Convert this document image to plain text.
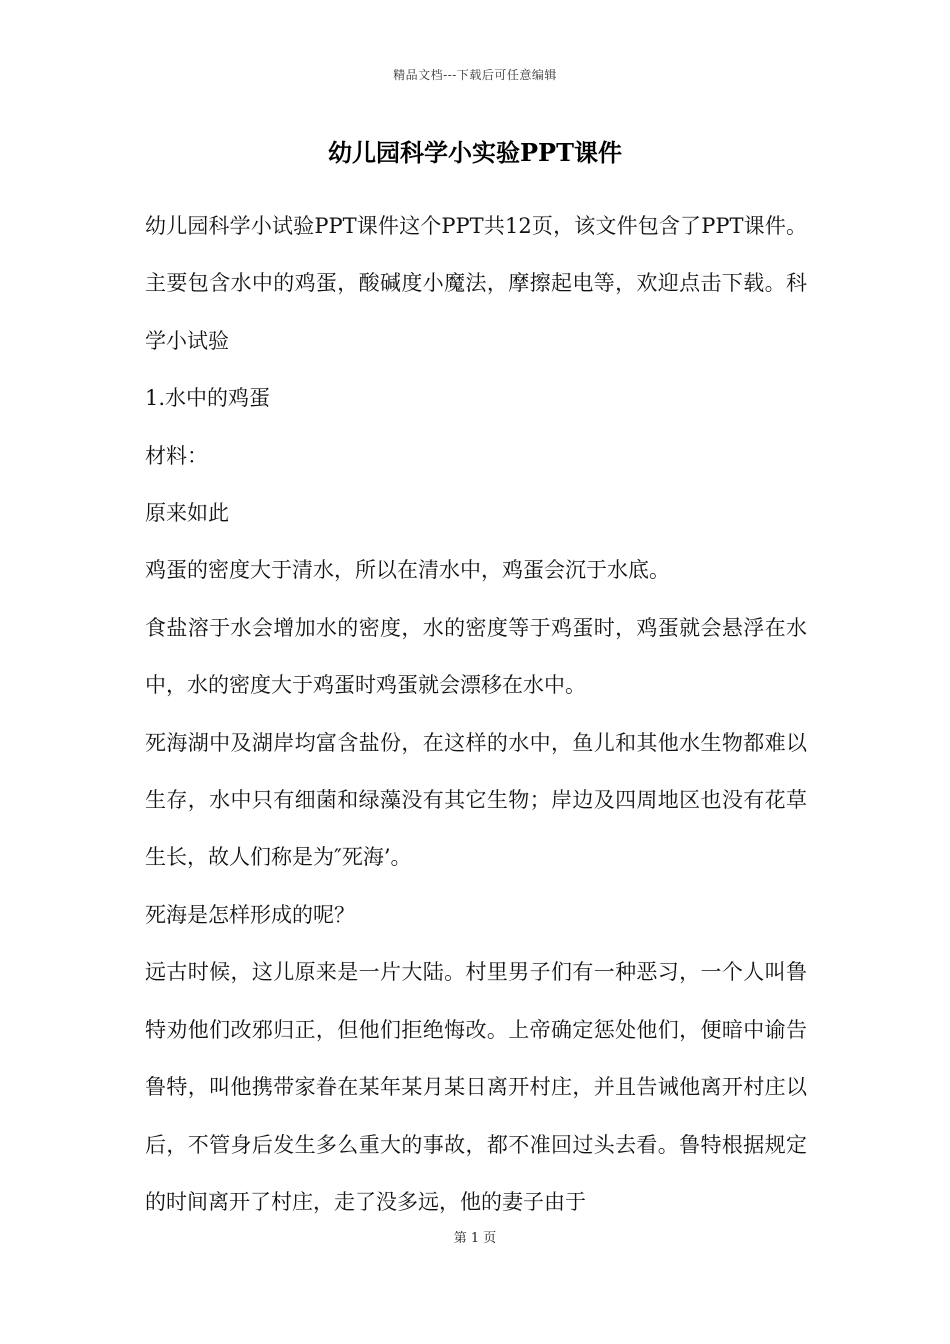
精品文档---下载后可任意编辑
幼儿园科学小实验PPT课件

幼儿园科学小试验PPT课件这个PPT共12页，该文件包含了PPT课件。主要包含水中的鸡蛋，酸碱度小魔法，摩擦起电等，欢迎点击下载。科学小试验

1.水中的鸡蛋

材料：

原来如此

鸡蛋的密度大于清水，所以在清水中，鸡蛋会沉于水底。

食盐溶于水会增加水的密度，水的密度等于鸡蛋时，鸡蛋就会悬浮在水中，水的密度大于鸡蛋时鸡蛋就会漂移在水中。

死海湖中及湖岸均富含盐份，在这样的水中，鱼儿和其他水生物都难以生存，水中只有细菌和绿藻没有其它生物；岸边及四周地区也没有花草生长，故人们称是为″死海’。

死海是怎样形成的呢？

远古时候，这儿原来是一片大陆。村里男子们有一种恶习，一个人叫鲁特劝他们改邪归正，但他们拒绝悔改。上帝确定惩处他们，便暗中谕告鲁特，叫他携带家眷在某年某月某日离开村庄，并且告诫他离开村庄以后，不管身后发生多么重大的事故，都不准回过头去看。鲁特根据规定的时间离开了村庄，走了没多远，他的妻子由于

第 1 页
